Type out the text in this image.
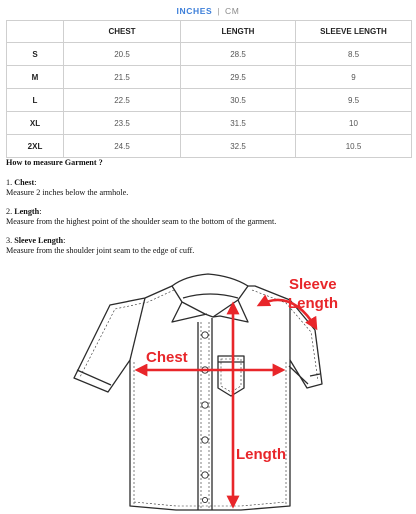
INCHES | CM
	CHEST	LENGTH	SLEEVE LENGTH
S	20.5	28.5	8.5
M	21.5	29.5	9
L	22.5	30.5	9.5
XL	23.5	31.5	10
2XL	24.5	32.5	10.5
How to measure Garment ?
1. Chest:
Measure 2 inches below the armhole.
2. Length:
Measure from the highest point of the shoulder seam to the bottom of the garment.
3. Sleeve Length:
Measure from the shoulder joint seam to the edge of cuff.
Chest
Length
Sleeve
Length
